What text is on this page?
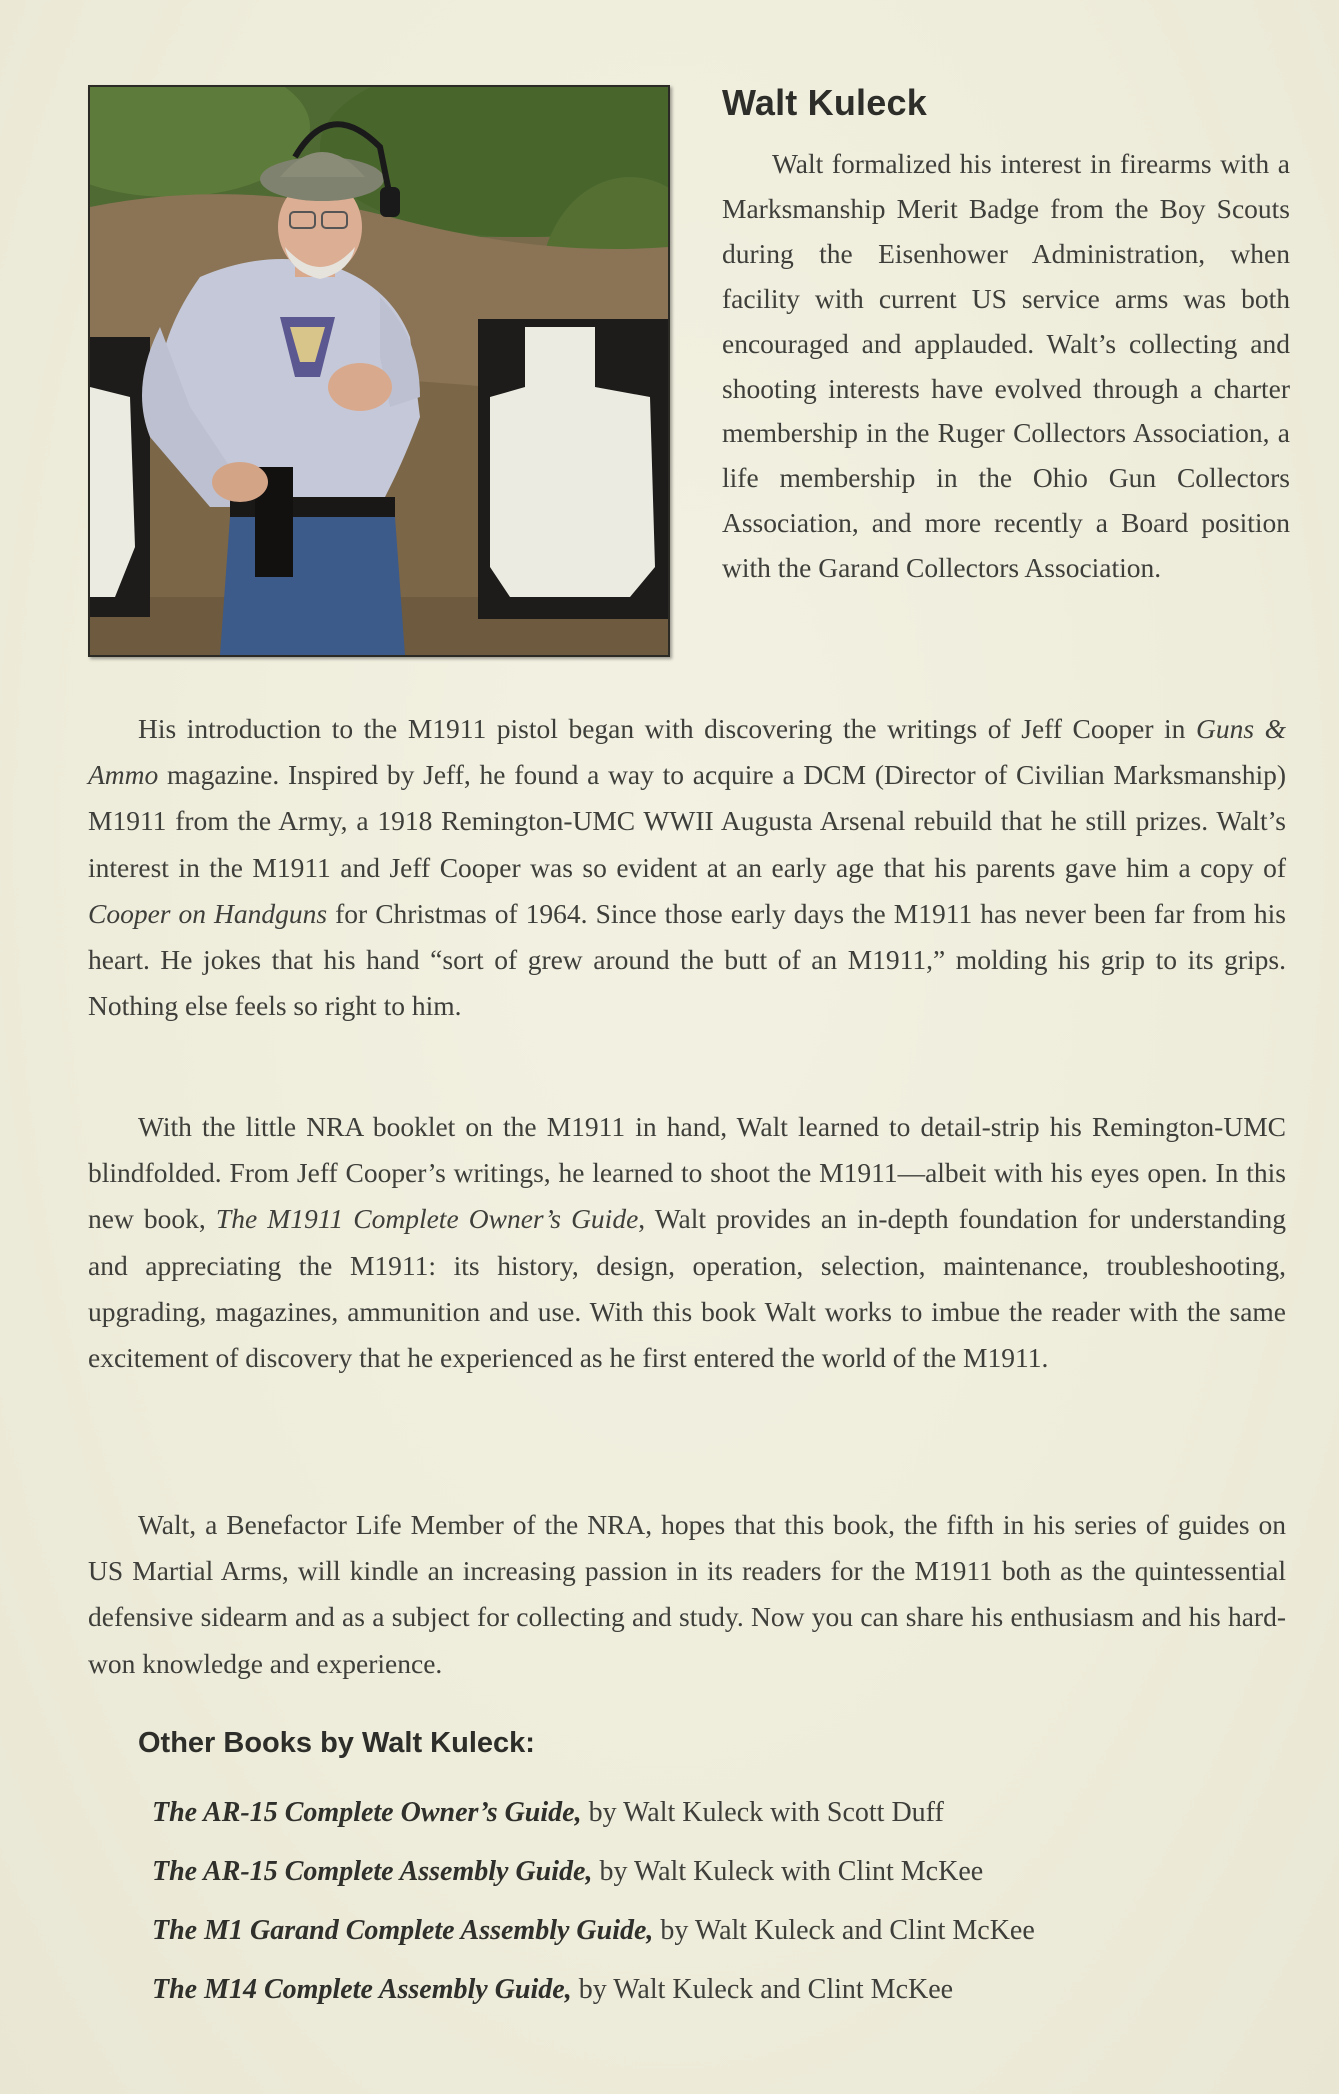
Walt Kuleck

Walt formalized his interest in firearms with a Marksmanship Merit Badge from the Boy Scouts during the Eisenhower Administration, when facility with current US service arms was both encouraged and applauded. Walt’s collecting and shooting interests have evolved through a charter membership in the Ruger Collectors Association, a life membership in the Ohio Gun Collectors Association, and more recently a Board position with the Garand Collectors Association.

His introduction to the M1911 pistol began with discovering the writings of Jeff Cooper in Guns & Ammo magazine. Inspired by Jeff, he found a way to acquire a DCM (Director of Civilian Marksmanship) M1911 from the Army, a 1918 Remington-UMC WWII Augusta Arsenal rebuild that he still prizes. Walt’s interest in the M1911 and Jeff Cooper was so evident at an early age that his parents gave him a copy of Cooper on Handguns for Christmas of 1964. Since those early days the M1911 has never been far from his heart. He jokes that his hand “sort of grew around the butt of an M1911,” molding his grip to its grips. Nothing else feels so right to him.

With the little NRA booklet on the M1911 in hand, Walt learned to detail-strip his Remington-UMC blindfolded. From Jeff Cooper’s writings, he learned to shoot the M1911—albeit with his eyes open. In this new book, The M1911 Complete Owner’s Guide, Walt provides an in-depth foundation for understanding and appreciating the M1911: its history, design, operation, selection, maintenance, troubleshooting, upgrading, magazines, ammunition and use. With this book Walt works to imbue the reader with the same excitement of discovery that he experienced as he first entered the world of the M1911.

Walt, a Benefactor Life Member of the NRA, hopes that this book, the fifth in his series of guides on US Martial Arms, will kindle an increasing passion in its readers for the M1911 both as the quintessential defensive sidearm and as a subject for collecting and study. Now you can share his enthusiasm and his hard-won knowledge and experience.

Other Books by Walt Kuleck:
The AR-15 Complete Owner’s Guide, by Walt Kuleck with Scott Duff
The AR-15 Complete Assembly Guide, by Walt Kuleck with Clint McKee
The M1 Garand Complete Assembly Guide, by Walt Kuleck and Clint McKee
The M14 Complete Assembly Guide, by Walt Kuleck and Clint McKee
